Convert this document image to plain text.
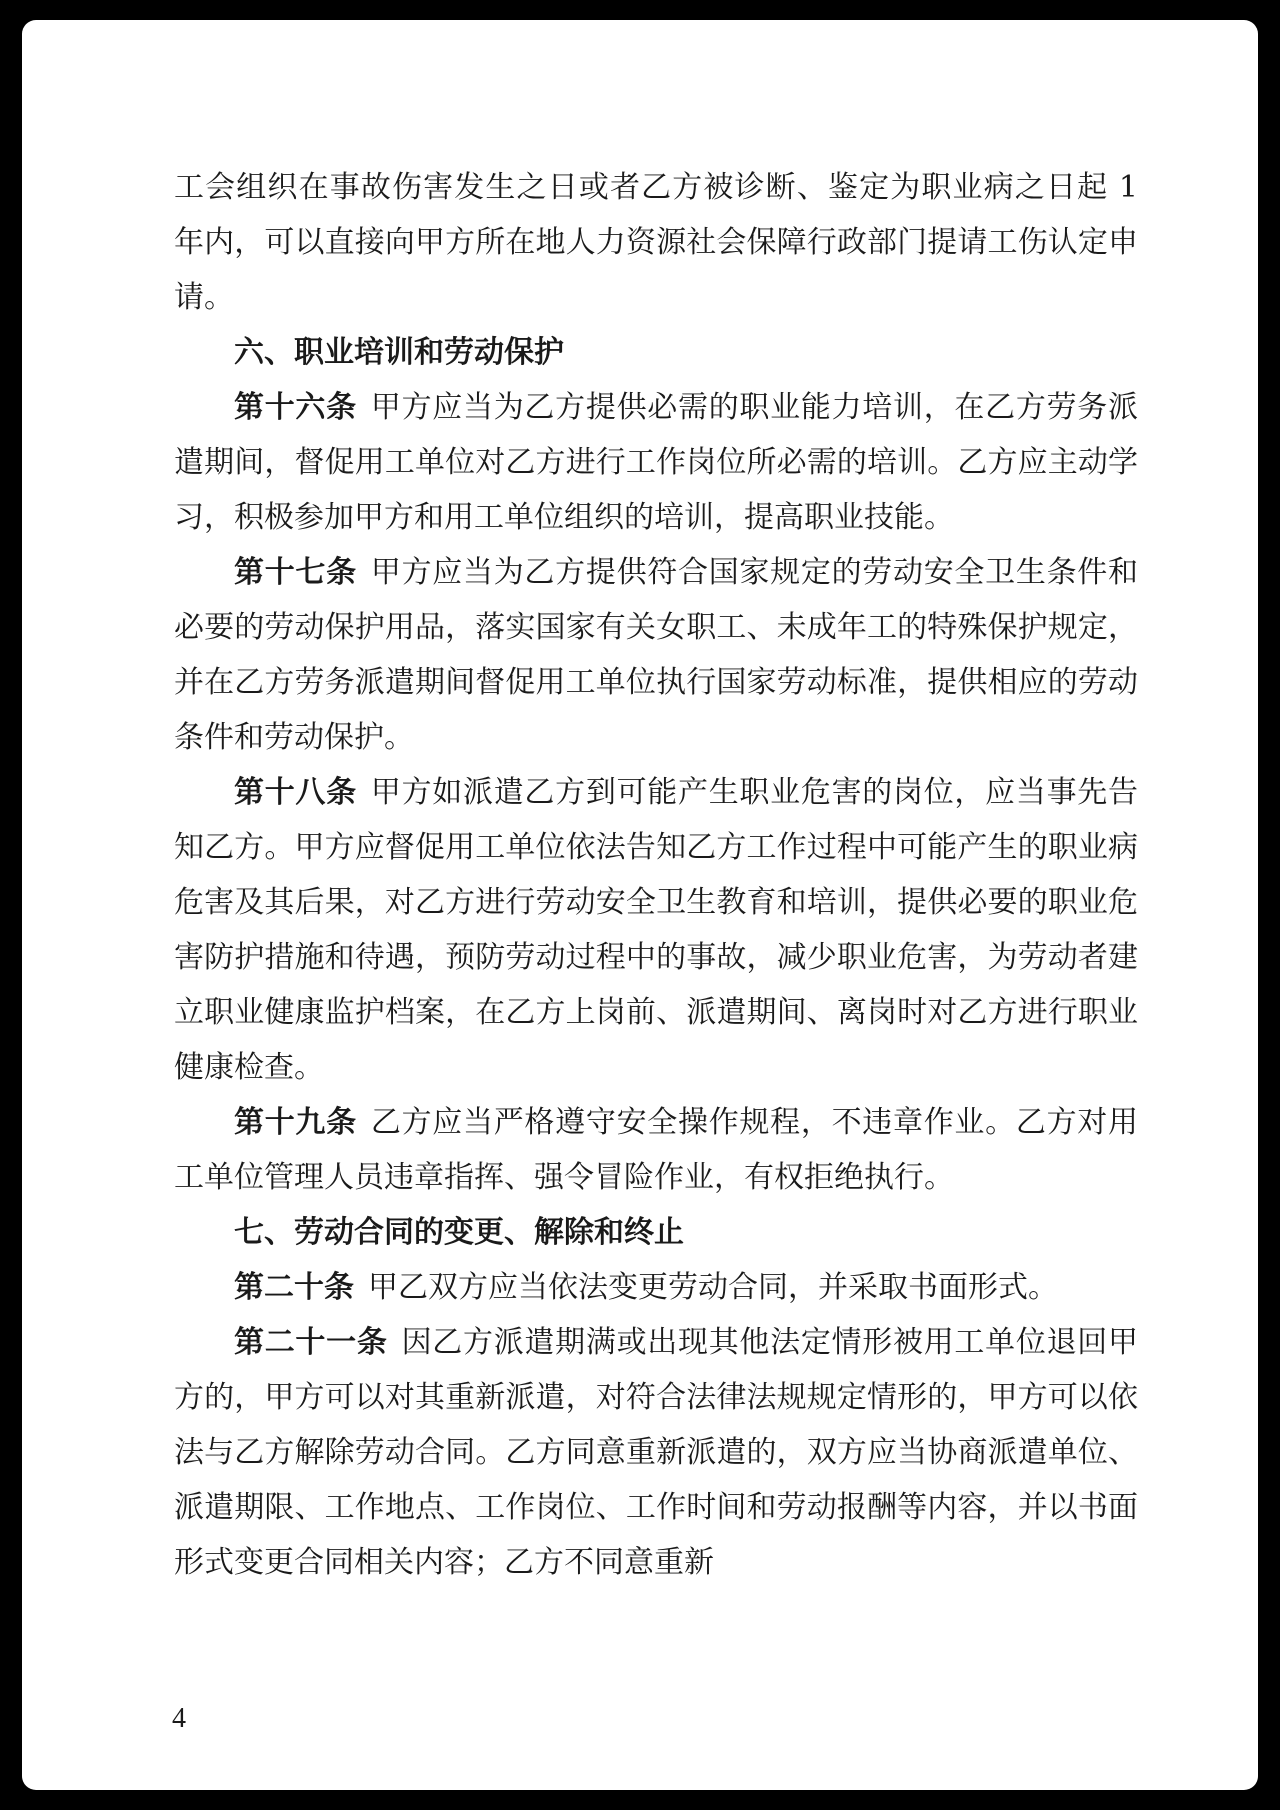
工会组织在事故伤害发生之日或者乙方被诊断、鉴定为职业病之日起 1 年内，可以直接向甲方所在地人力资源社会保障行政部门提请工伤认定申请。

六、职业培训和劳动保护

第十六条 甲方应当为乙方提供必需的职业能力培训，在乙方劳务派遣期间，督促用工单位对乙方进行工作岗位所必需的培训。乙方应主动学习，积极参加甲方和用工单位组织的培训，提高职业技能。

第十七条 甲方应当为乙方提供符合国家规定的劳动安全卫生条件和必要的劳动保护用品，落实国家有关女职工、未成年工的特殊保护规定，并在乙方劳务派遣期间督促用工单位执行国家劳动标准，提供相应的劳动条件和劳动保护。

第十八条 甲方如派遣乙方到可能产生职业危害的岗位，应当事先告知乙方。甲方应督促用工单位依法告知乙方工作过程中可能产生的职业病危害及其后果，对乙方进行劳动安全卫生教育和培训，提供必要的职业危害防护措施和待遇，预防劳动过程中的事故，减少职业危害，为劳动者建立职业健康监护档案，在乙方上岗前、派遣期间、离岗时对乙方进行职业健康检查。

第十九条 乙方应当严格遵守安全操作规程，不违章作业。乙方对用工单位管理人员违章指挥、强令冒险作业，有权拒绝执行。

七、劳动合同的变更、解除和终止

第二十条 甲乙双方应当依法变更劳动合同，并采取书面形式。

第二十一条 因乙方派遣期满或出现其他法定情形被用工单位退回甲方的，甲方可以对其重新派遣，对符合法律法规规定情形的，甲方可以依法与乙方解除劳动合同。乙方同意重新派遣的，双方应当协商派遣单位、派遣期限、工作地点、工作岗位、工作时间和劳动报酬等内容，并以书面形式变更合同相关内容；乙方不同意重新

4
